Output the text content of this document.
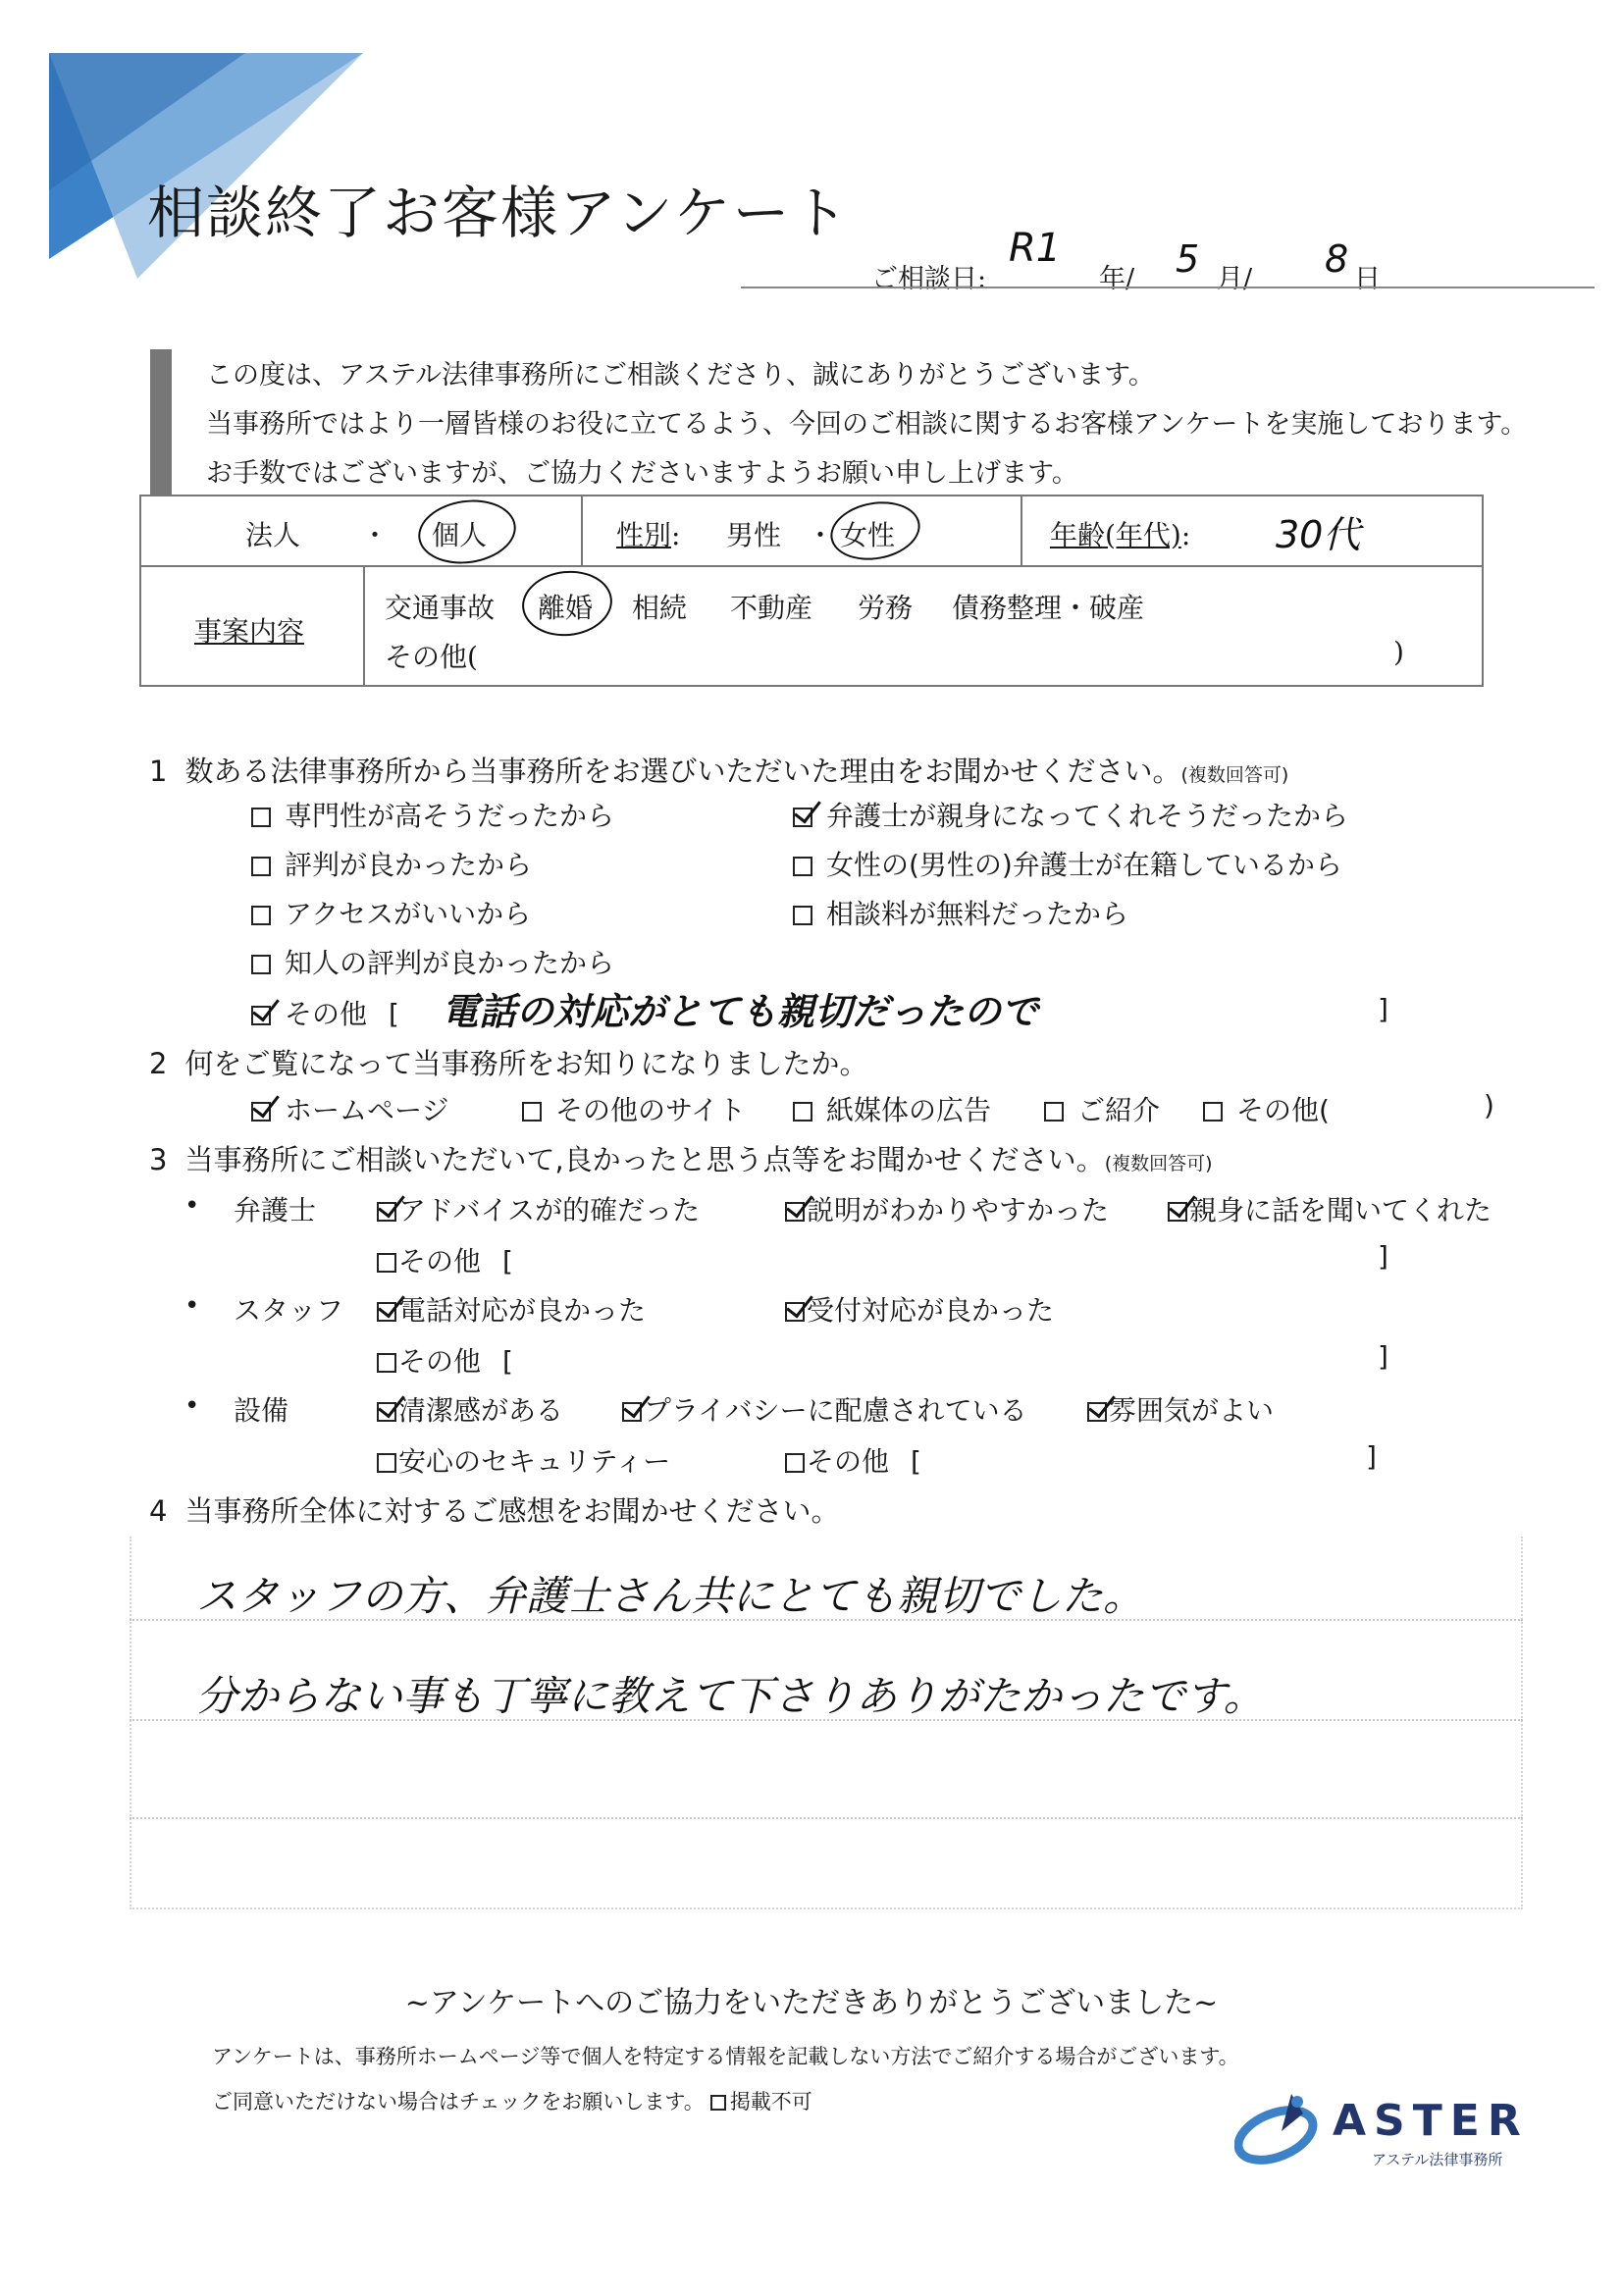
相談終了お客様アンケート
ご相談日:
R1
年/ 5 月/ 8 日
この度は、アステル法律事務所にご相談くださり、誠にありがとうございます。
当事務所ではより一層皆様のお役に立てるよう、今回のご相談に関するお客様アンケートを実施しております。
お手数ではございますが、ご協力くださいますようお願い申し上げます。
法人 ・ 個人	性別: 男性 ・ 女性	年齢(年代): 30代
事案内容
交通事故 離婚 相続 不動産 労務 債務整理・破産
その他(	)
1 数ある法律事務所から当事務所をお選びいただいた理由をお聞かせください。(複数回答可)
専門性が高そうだったから	弁護士が親身になってくれそうだったから
評判が良かったから	女性の(男性の)弁護士が在籍しているから
アクセスがいいから	相談料が無料だったから
知人の評判が良かったから
その他 [ 電話の対応がとても親切だったので	]
2 何をご覧になって当事務所をお知りになりましたか。
ホームページ	その他のサイト	紙媒体の広告	ご紹介	その他(	)
3 当事務所にご相談いただいて,良かったと思う点等をお聞かせください。(複数回答可)
• 弁護士	アドバイスが的確だった	説明がわかりやすかった	親身に話を聞いてくれた
その他 [	]
• スタッフ	電話対応が良かった	受付対応が良かった
その他 [	]
• 設備	清潔感がある	プライバシーに配慮されている	雰囲気がよい
安心のセキュリティー	その他 [	]
4 当事務所全体に対するご感想をお聞かせください。
スタッフの方、弁護士さん共にとても親切でした。
分からない事も丁寧に教えて下さりありがたかったです。
~アンケートへのご協力をいただきありがとうございました~
アンケートは、事務所ホームページ等で個人を特定する情報を記載しない方法でご紹介する場合がございます。
ご同意いただけない場合はチェックをお願いします。 掲載不可	ASTER
アステル法律事務所
